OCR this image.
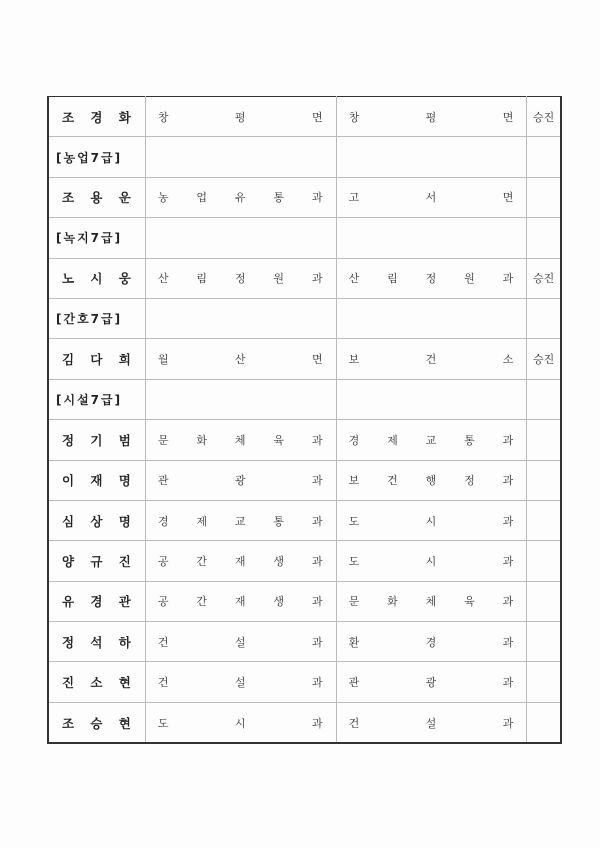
조 경 화	창 평 면	창 평 면	승진

[농업7급]			

조 용 운	농 업 유 통 과	고 서 면	

[녹지7급]			

노 시 웅	산 림 정 원 과	산 림 정 원 과	승진

[간호7급]			

김 다 희	월 산 면	보 건 소	승진

[시설7급]			

정 기 범	문 화 체 육 과	경 제 교 통 과	

이 재 명	관 광 과	보 건 행 정 과	

심 상 명	경 제 교 통 과	도 시 과	

양 규 진	공 간 재 생 과	도 시 과	

유 경 관	공 간 재 생 과	문 화 체 육 과	

정 석 하	건 설 과	환 경 과	

진 소 현	건 설 과	관 광 과	

조 승 현	도 시 과	건 설 과	
